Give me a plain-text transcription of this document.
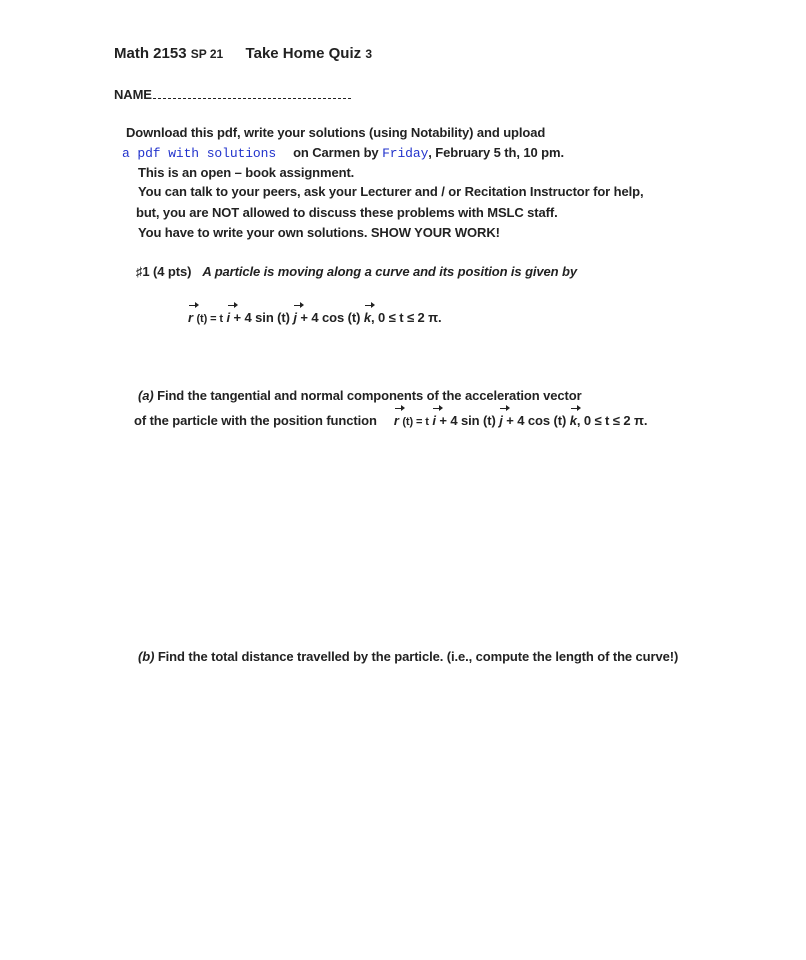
Math 2153 SP 21 Take Home Quiz 3
NAME
Download this pdf, write your solutions (using Notability) and upload
a pdf with solutions on Carmen by Friday, February 5 th, 10 pm.
This is an open – book assignment.
You can talk to your peers, ask your Lecturer and / or Recitation Instructor for help,
but, you are NOT allowed to discuss these problems with MSLC staff.
You have to write your own solutions. SHOW YOUR WORK!
♯1 (4 pts) A particle is moving along a curve and its position is given by
r (t) = t i + 4 sin (t) j + 4 cos (t) k, 0 ≤ t ≤ 2 π.
(a) Find the tangential and normal components of the acceleration vector
of the particle with the position function r (t) = t i + 4 sin (t) j + 4 cos (t) k, 0 ≤ t ≤ 2 π.
(b) Find the total distance travelled by the particle. (i.e., compute the length of the curve!)
